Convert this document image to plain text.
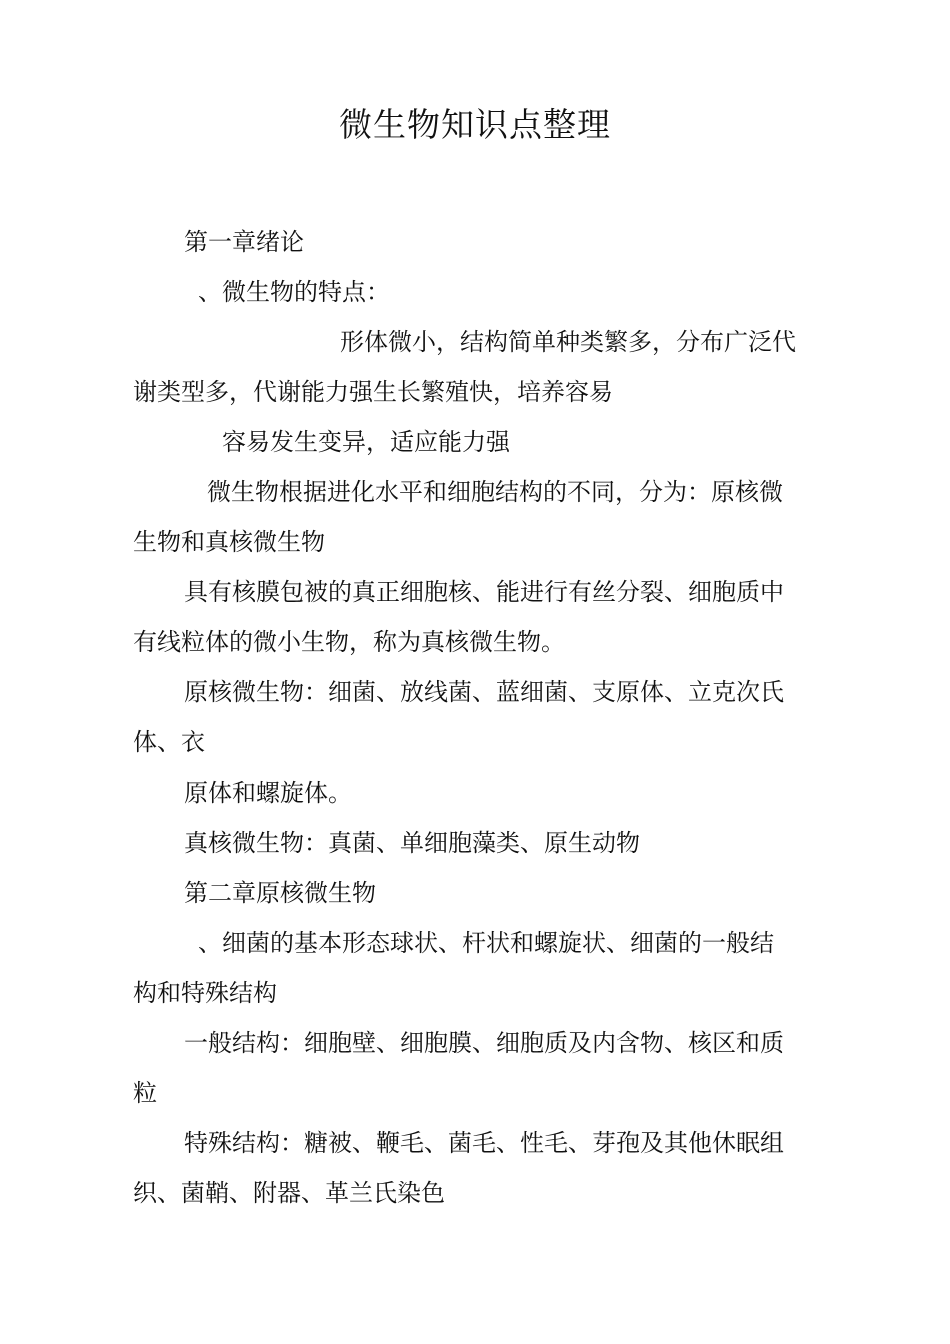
微生物知识点整理

第一章绪论

、微生物的特点：

形体微小，结构简单种类繁多，分布广泛代

谢类型多，代谢能力强生长繁殖快，培养容易

容易发生变异，适应能力强

微生物根据进化水平和细胞结构的不同，分为：原核微

生物和真核微生物

具有核膜包被的真正细胞核、能进行有丝分裂、细胞质中

有线粒体的微小生物，称为真核微生物。

原核微生物：细菌、放线菌、蓝细菌、支原体、立克次氏

体、衣

原体和螺旋体。

真核微生物：真菌、单细胞藻类、原生动物

第二章原核微生物

、细菌的基本形态球状、杆状和螺旋状、细菌的一般结

构和特殊结构

一般结构：细胞壁、细胞膜、细胞质及内含物、核区和质

粒

特殊结构：糖被、鞭毛、菌毛、性毛、芽孢及其他休眠组

织、菌鞘、附器、革兰氏染色
